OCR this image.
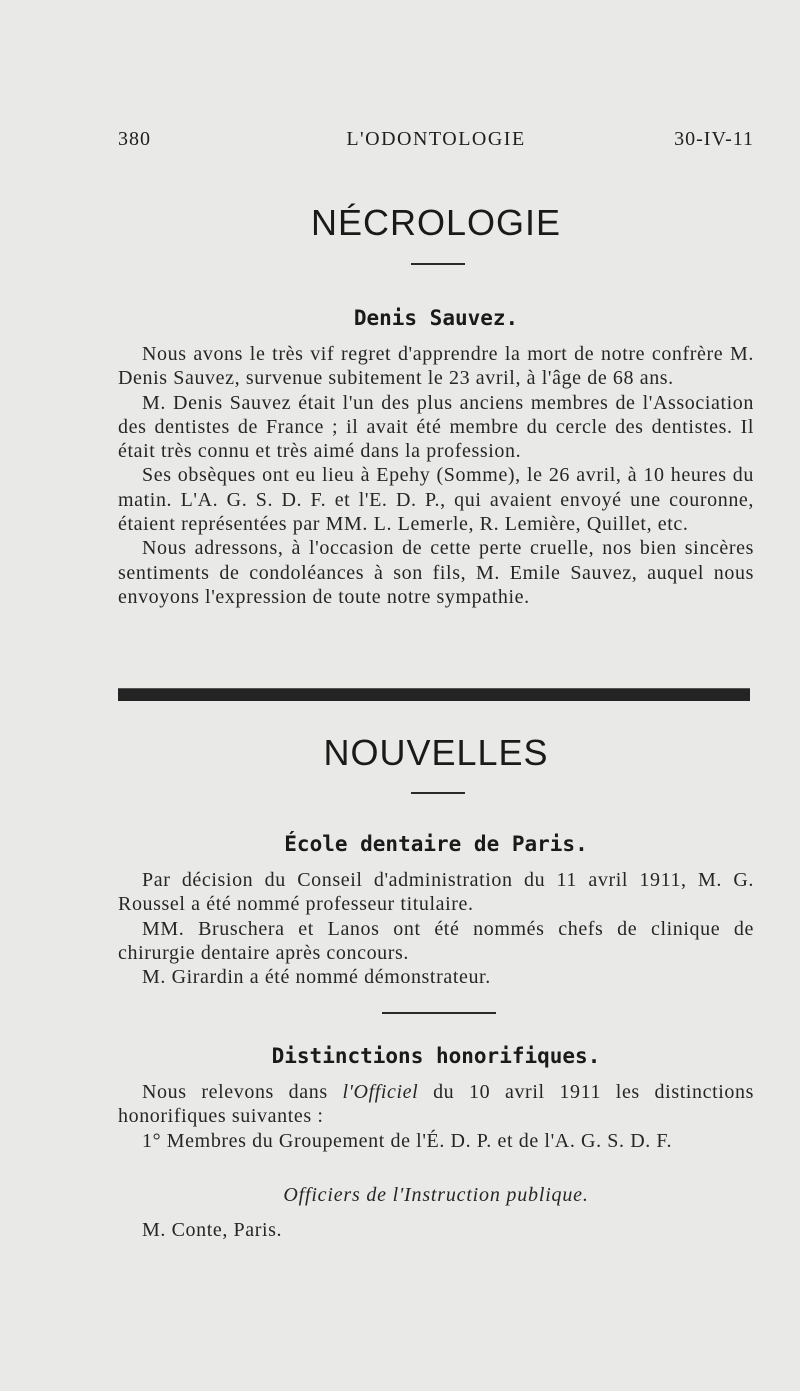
380	L'ODONTOLOGIE	30-IV-11
NÉCROLOGIE
Denis Sauvez.

Nous avons le très vif regret d'apprendre la mort de notre confrère M. Denis Sauvez, survenue subitement le 23 avril, à l'âge de 68 ans.

M. Denis Sauvez était l'un des plus anciens membres de l'Association des dentistes de France ; il avait été membre du cercle des dentistes. Il était très connu et très aimé dans la profession.

Ses obsèques ont eu lieu à Epehy (Somme), le 26 avril, à 10 heures du matin. L'A. G. S. D. F. et l'E. D. P., qui avaient envoyé une couronne, étaient représentées par MM. L. Lemerle, R. Lemière, Quillet, etc.

Nous adressons, à l'occasion de cette perte cruelle, nos bien sincères sentiments de condoléances à son fils, M. Emile Sauvez, auquel nous envoyons l'expression de toute notre sympathie.

NOUVELLES
École dentaire de Paris.

Par décision du Conseil d'administration du 11 avril 1911, M. G. Roussel a été nommé professeur titulaire.

MM. Bruschera et Lanos ont été nommés chefs de clinique de chirurgie dentaire après concours.

M. Girardin a été nommé démonstrateur.

Distinctions honorifiques.

Nous relevons dans l'Officiel du 10 avril 1911 les distinctions honorifiques suivantes :

1° Membres du Groupement de l'É. D. P. et de l'A. G. S. D. F.

Officiers de l'Instruction publique.

M. Conte, Paris.
